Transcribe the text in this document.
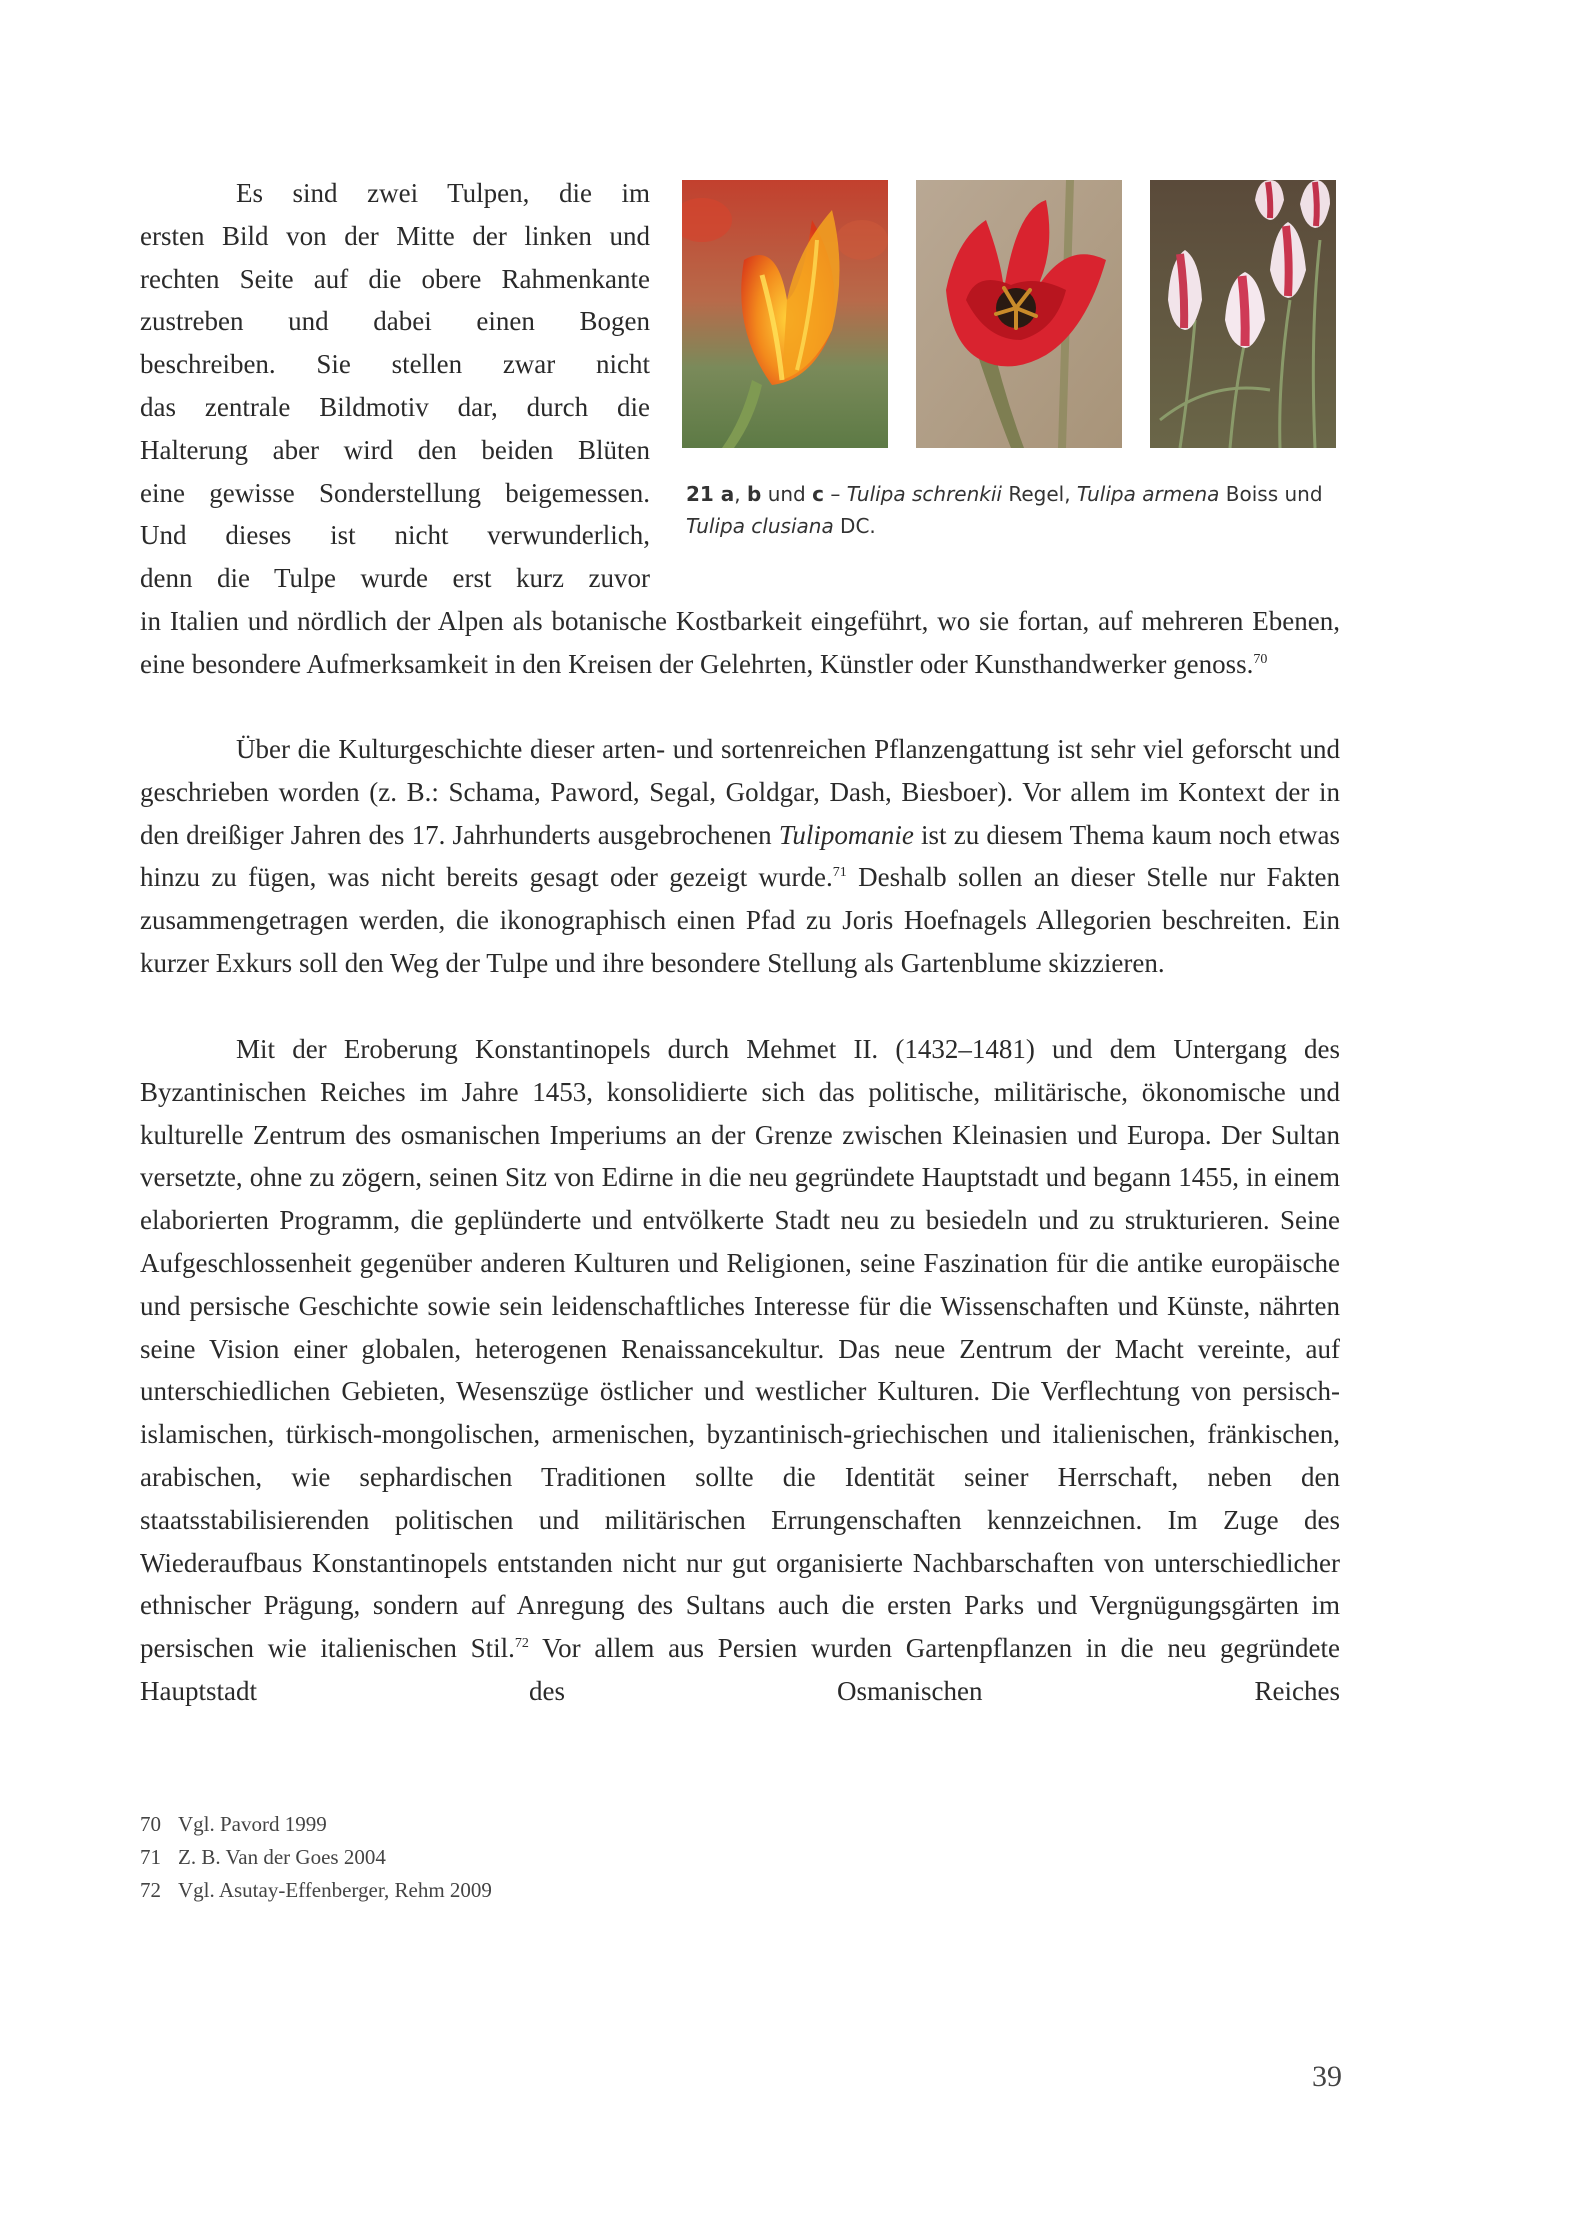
Es sind zwei Tulpen, die im
ersten Bild von der Mitte der linken und
rechten Seite auf die obere Rahmenkante
zustreben und dabei einen Bogen
beschreiben. Sie stellen zwar nicht
das zentrale Bildmotiv dar, durch die
Halterung aber wird den beiden Blüten
eine gewisse Sonderstellung beigemessen.
Und dieses ist nicht verwunderlich,
denn die Tulpe wurde erst kurz zuvor
21 a, b und c – Tulipa schrenkii Regel, Tulipa armena Boiss und
Tulipa clusiana DC.

in Italien und nördlich der Alpen als botanische Kostbarkeit eingeführt, wo sie fortan, auf mehreren Ebenen, eine besondere Aufmerksamkeit in den Kreisen der Gelehrten, Künstler oder Kunsthandwerker genoss.$^{70}$

Über die Kulturgeschichte dieser arten- und sortenreichen Pflanzengattung ist sehr viel geforscht und geschrieben worden (z. B.: Schama, Paword, Segal, Goldgar, Dash, Biesboer). Vor allem im Kontext der in den dreißiger Jahren des 17. Jahrhunderts ausgebrochenen Tulipomanie ist zu diesem Thema kaum noch etwas hinzu zu fügen, was nicht bereits gesagt oder gezeigt wurde.$^{71}$ Deshalb sollen an dieser Stelle nur Fakten zusammengetragen werden, die ikonographisch einen Pfad zu Joris Hoefnagels Allegorien beschreiten. Ein kurzer Exkurs soll den Weg der Tulpe und ihre besondere Stellung als Gartenblume skizzieren.

Mit der Eroberung Konstantinopels durch Mehmet II. (1432–1481) und dem Untergang des Byzantinischen Reiches im Jahre 1453, konsolidierte sich das politische, militärische, ökonomische und kulturelle Zentrum des osmanischen Imperiums an der Grenze zwischen Kleinasien und Europa. Der Sultan versetzte, ohne zu zögern, seinen Sitz von Edirne in die neu gegründete Hauptstadt und begann 1455, in einem elaborierten Programm, die geplünderte und entvölkerte Stadt neu zu besiedeln und zu strukturieren. Seine Aufgeschlossenheit gegenüber anderen Kulturen und Religionen, seine Faszination für die antike europäische und persische Geschichte sowie sein leidenschaftliches Interesse für die Wissenschaften und Künste, nährten seine Vision einer globalen, heterogenen Renaissancekultur. Das neue Zentrum der Macht vereinte, auf unterschiedlichen Gebieten, Wesenszüge östlicher und westlicher Kulturen. Die Verflechtung von persisch-islamischen, türkisch-mongolischen, armenischen, byzantinisch-griechischen und italienischen, fränkischen, arabischen, wie sephardischen Traditionen sollte die Identität seiner Herrschaft, neben den staatsstabilisierenden politischen und militärischen Errungenschaften kennzeichnen. Im Zuge des Wiederaufbaus Konstantinopels entstanden nicht nur gut organisierte Nachbarschaften von unterschiedlicher ethnischer Prägung, sondern auf Anregung des Sultans auch die ersten Parks und Vergnügungsgärten im persischen wie italienischen Stil.$^{72}$ Vor allem aus Persien wurden Gartenpflanzen in die neu gegründete Hauptstadt des Osmanischen Reiches

70 Vgl. Pavord 1999
71 Z. B. Van der Goes 2004
72 Vgl. Asutay-Effenberger, Rehm 2009
39
